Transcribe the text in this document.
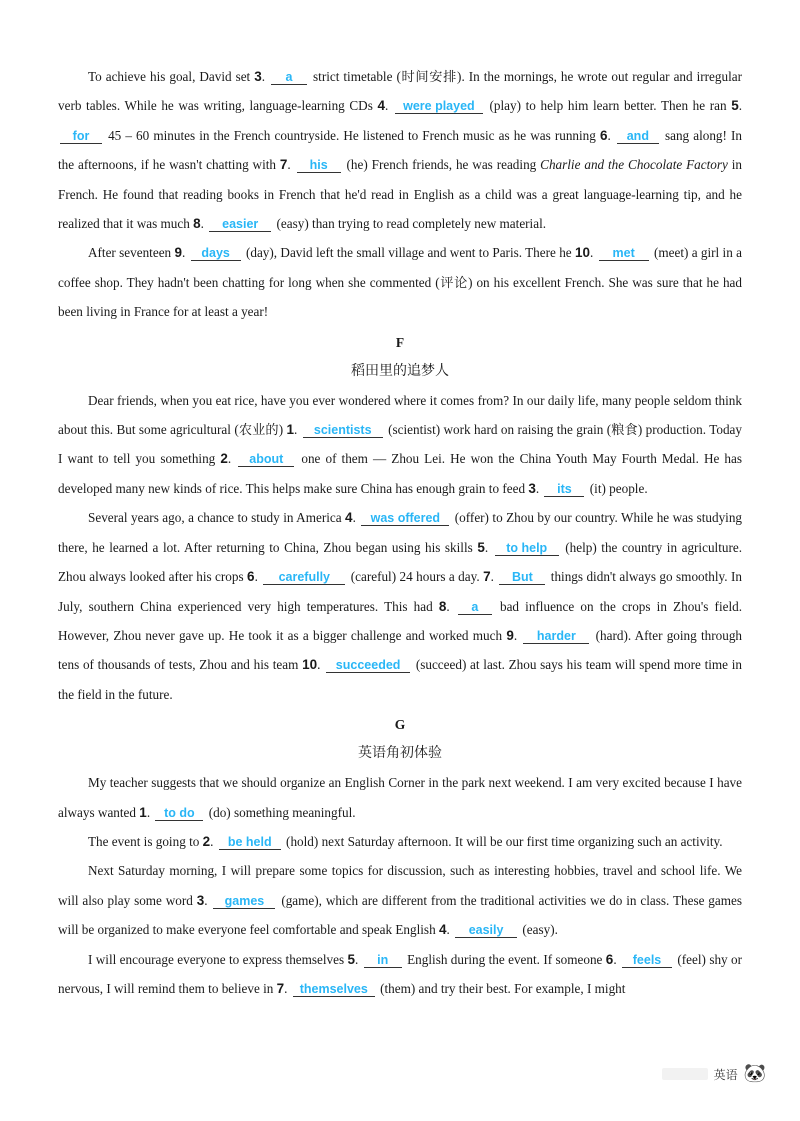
To achieve his goal, David set 3. a strict timetable (时间安排). In the mornings, he wrote out regular and irregular verb tables. While he was writing, language-learning CDs 4. were played (play) to help him learn better. Then he ran 5. for 45 – 60 minutes in the French countryside. He listened to French music as he was running 6. and sang along! In the afternoons, if he wasn't chatting with 7. his (he) French friends, he was reading Charlie and the Chocolate Factory in French. He found that reading books in French that he'd read in English as a child was a great language-learning tip, and he realized that it was much 8. easier (easy) than trying to read completely new material.

After seventeen 9. days (day), David left the small village and went to Paris. There he 10. met (meet) a girl in a coffee shop. They hadn't been chatting for long when she commented (评论) on his excellent French. She was sure that he had been living in France for at least a year!

F
稻田里的追梦人

Dear friends, when you eat rice, have you ever wondered where it comes from? In our daily life, many people seldom think about this. But some agricultural (农业的) 1. scientists (scientist) work hard on raising the grain (粮食) production. Today I want to tell you something 2. about one of them — Zhou Lei. He won the China Youth May Fourth Medal. He has developed many new kinds of rice. This helps make sure China has enough grain to feed 3. its (it) people.

Several years ago, a chance to study in America 4. was offered (offer) to Zhou by our country. While he was studying there, he learned a lot. After returning to China, Zhou began using his skills 5. to help (help) the country in agriculture. Zhou always looked after his crops 6. carefully (careful) 24 hours a day. 7. But things didn't always go smoothly. In July, southern China experienced very high temperatures. This had 8. a bad influence on the crops in Zhou's field. However, Zhou never gave up. He took it as a bigger challenge and worked much 9. harder (hard). After going through tens of thousands of tests, Zhou and his team 10. succeeded (succeed) at last. Zhou says his team will spend more time in the field in the future.

G
英语角初体验

My teacher suggests that we should organize an English Corner in the park next weekend. I am very excited because I have always wanted 1. to do (do) something meaningful.

The event is going to 2. be held (hold) next Saturday afternoon. It will be our first time organizing such an activity.

Next Saturday morning, I will prepare some topics for discussion, such as interesting hobbies, travel and school life. We will also play some word 3. games (game), which are different from the traditional activities we do in class. These games will be organized to make everyone feel comfortable and speak English 4. easily (easy).

I will encourage everyone to express themselves 5. in English during the event. If someone 6. feels (feel) shy or nervous, I will remind them to believe in 7. themselves (them) and try their best. For example, I might

英语 🐼
